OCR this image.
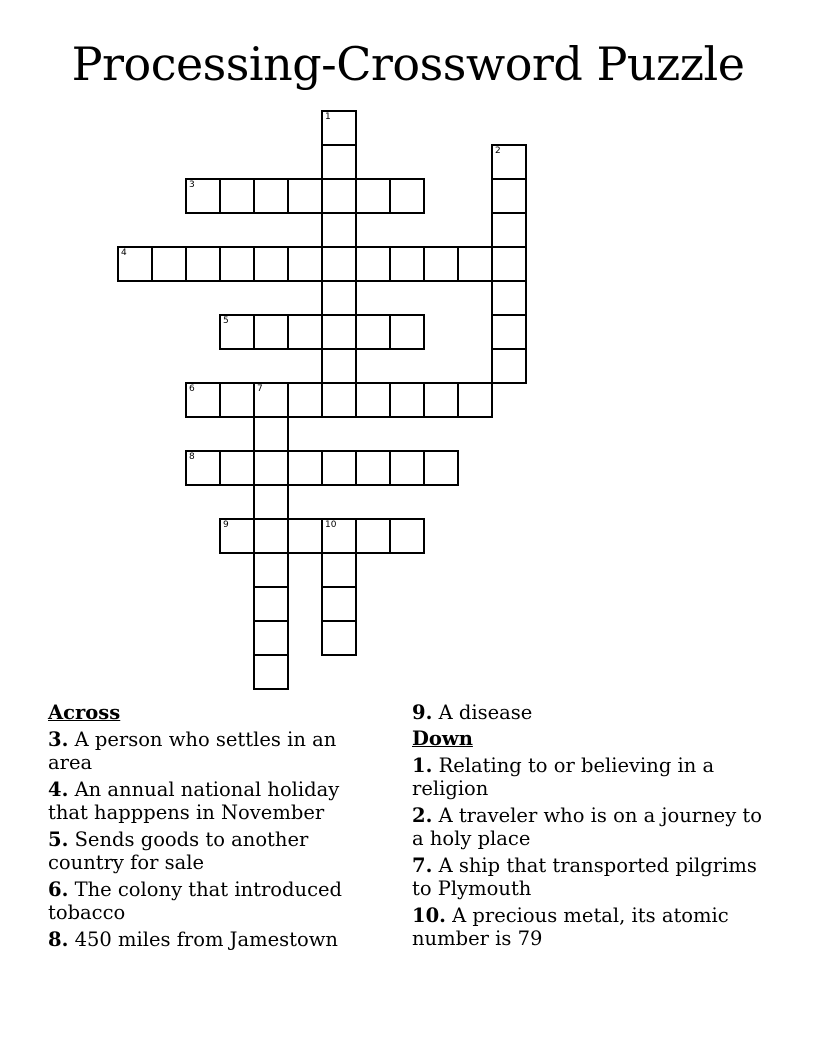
Processing-Crossword Puzzle
1
2
3
4
5
6	7
8
9	10

Across

3. A person who settles in an area

4. An annual national holiday that happpens in November

5. Sends goods to another country for sale

6. The colony that introduced tobacco

8. 450 miles from Jamestown

9. A disease

Down

1. Relating to or believing in a religion

2. A traveler who is on a journey to a holy place

7. A ship that transported pilgrims to Plymouth

10. A precious metal, its atomic number is 79
